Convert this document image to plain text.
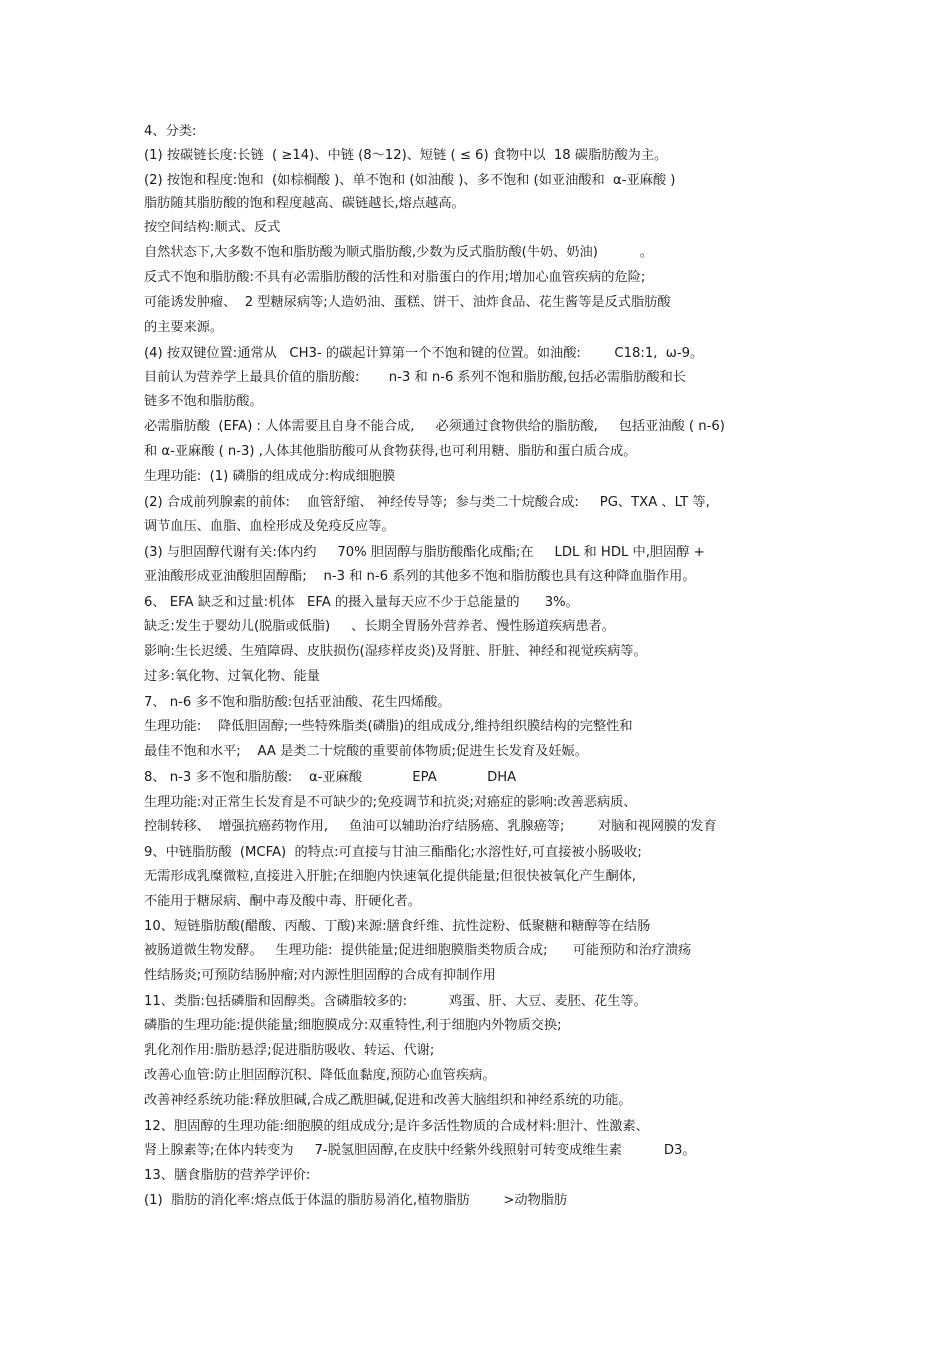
4、分类:
(1) 按碳链长度:长链  ( ≥14)、中链 (8～12)、短链 ( ≤ 6) 食物中以  18 碳脂肪酸为主。
(2) 按饱和程度:饱和  (如棕榈酸 )、单不饱和 (如油酸 )、多不饱和 (如亚油酸和  α-亚麻酸 )
脂肪随其脂肪酸的饱和程度越高、碳链越长,熔点越高。
按空间结构:顺式、反式
自然状态下,大多数不饱和脂肪酸为顺式脂肪酸,少数为反式脂肪酸(牛奶、奶油)          。
反式不饱和脂肪酸:不具有必需脂肪酸的活性和对脂蛋白的作用;增加心血管疾病的危险;
可能诱发肿瘤、  2 型糖尿病等;人造奶油、蛋糕、饼干、油炸食品、花生酱等是反式脂肪酸
的主要来源。
(4) 按双键位置:通常从   CH3- 的碳起计算第一个不饱和键的位置。如油酸:        C18:1,  ω-9。
目前认为营养学上最具价值的脂肪酸:       n-3 和 n-6 系列不饱和脂肪酸,包括必需脂肪酸和长
链多不饱和脂肪酸。
必需脂肪酸  (EFA) : 人体需要且自身不能合成,     必须通过食物供给的脂肪酸,     包括亚油酸 ( n-6)
和 α-亚麻酸 ( n-3) ,人体其他脂肪酸可从食物获得,也可利用糖、脂肪和蛋白质合成。
生理功能:  (1) 磷脂的组成成分:构成细胞膜
(2) 合成前列腺素的前体:    血管舒缩、 神经传导等;  参与类二十烷酸合成:     PG、TXA 、LT 等,
调节血压、血脂、血栓形成及免疫反应等。
(3) 与胆固醇代谢有关:体内约     70% 胆固醇与脂肪酸酯化成酯;在     LDL 和 HDL 中,胆固醇 +
亚油酸形成亚油酸胆固醇酯;    n-3 和 n-6 系列的其他多不饱和脂肪酸也具有这种降血脂作用。
6、 EFA 缺乏和过量:机体   EFA 的摄入量每天应不少于总能量的      3%。
缺乏:发生于婴幼儿(脱脂或低脂)     、长期全胃肠外营养者、慢性肠道疾病患者。
影响:生长迟缓、生殖障碍、皮肤损伤(湿疹样皮炎)及肾脏、肝脏、神经和视觉疾病等。
过多:氧化物、过氧化物、能量
7、 n-6 多不饱和脂肪酸:包括亚油酸、花生四烯酸。
生理功能:    降低胆固醇;一些特殊脂类(磷脂)的组成成分,维持组织膜结构的完整性和
最佳不饱和水平;    AA 是类二十烷酸的重要前体物质;促进生长发育及妊娠。
8、 n-3 多不饱和脂肪酸:    α-亚麻酸            EPA            DHA
生理功能:对正常生长发育是不可缺少的;免疫调节和抗炎;对癌症的影响:改善恶病质、
控制转移、  增强抗癌药物作用,     鱼油可以辅助治疗结肠癌、乳腺癌等;        对脑和视网膜的发育
9、中链脂肪酸  (MCFA)  的特点:可直接与甘油三酯酯化;水溶性好,可直接被小肠吸收;
无需形成乳糜微粒,直接进入肝脏;在细胞内快速氧化提供能量;但很快被氧化产生酮体,
不能用于糖尿病、酮中毒及酸中毒、肝硬化者。
10、短链脂肪酸(醋酸、丙酸、丁酸)来源:膳食纤维、抗性淀粉、低聚糖和糖醇等在结肠
被肠道微生物发酵。   生理功能:  提供能量;促进细胞膜脂类物质合成;      可能预防和治疗溃疡
性结肠炎;可预防结肠肿瘤;对内源性胆固醇的合成有抑制作用
11、类脂:包括磷脂和固醇类。含磷脂较多的:          鸡蛋、肝、大豆、麦胚、花生等。
磷脂的生理功能:提供能量;细胞膜成分:双重特性,利于细胞内外物质交换;
乳化剂作用:脂肪悬浮;促进脂肪吸收、转运、代谢;
改善心血管:防止胆固醇沉积、降低血黏度,预防心血管疾病。
改善神经系统功能:释放胆碱,合成乙酰胆碱,促进和改善大脑组织和神经系统的功能。
12、胆固醇的生理功能:细胞膜的组成成分;是许多活性物质的合成材料:胆汁、性激素、
肾上腺素等;在体内转变为     7-脱氢胆固醇,在皮肤中经紫外线照射可转变成维生素          D3。
13、膳食脂肪的营养学评价:
(1)  脂肪的消化率:熔点低于体温的脂肪易消化,植物脂肪        >动物脂肪
